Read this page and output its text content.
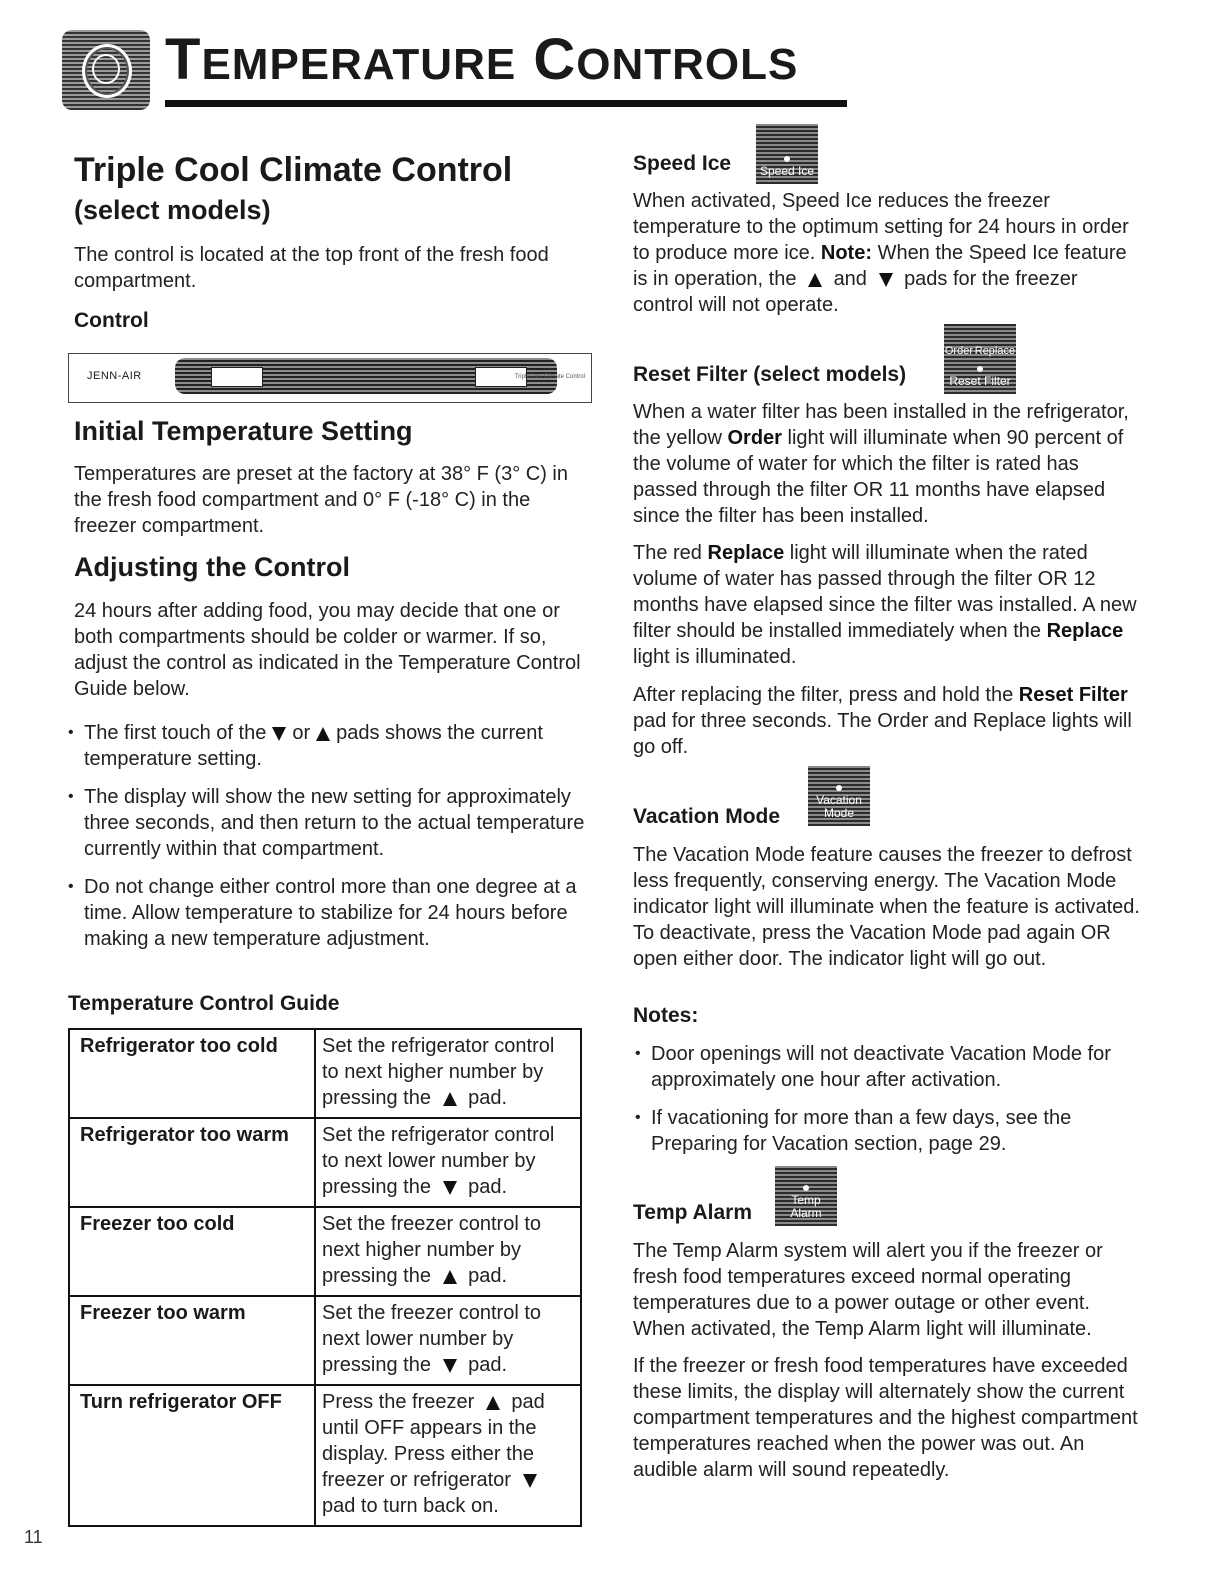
TEMPERATURE CONTROLS
Triple Cool Climate Control
(select models)
The control is located at the top front of the fresh food compartment.
Control
JENN-AIR	TripleCool Climate Control
Initial Temperature Setting
Temperatures are preset at the factory at 38° F (3° C) in the fresh food compartment and 0° F (-18° C) in the freezer compartment.
Adjusting the Control
24 hours after adding food, you may decide that one or both compartments should be colder or warmer. If so, adjust the control as indicated in the Temperature Control Guide below.
• The first touch of the or pads shows the current temperature setting.
• The display will show the new setting for approximately three seconds, and then return to the actual temperature currently within that compartment.
• Do not change either control more than one degree at a time. Allow temperature to stabilize for 24 hours before making a new temperature adjustment.
Temperature Control Guide
Refrigerator too cold	Set the refrigerator control to next higher number by pressing the pad.
Refrigerator too warm	Set the refrigerator control to next lower number by pressing the pad.
Freezer too cold	Set the freezer control to next higher number by pressing the pad.
Freezer too warm	Set the freezer control to next lower number by pressing the pad.
Turn refrigerator OFF	Press the freezer pad until OFF appears in the display. Press either the freezer or refrigerator  pad to turn back on.
11
Speed Ice Speed Ice
When activated, Speed Ice reduces the freezer temperature to the optimum setting for 24 hours in order to produce more ice. Note: When the Speed Ice feature is in operation, the and pads for the freezer control will not operate.
Reset Filter (select models)
Order Replace
Reset Filter
When a water filter has been installed in the refrigerator, the yellow Order light will illuminate when 90 percent of the volume of water for which the filter is rated has passed through the filter OR 11 months have elapsed since the filter has been installed.
The red Replace light will illuminate when the rated volume of water has passed through the filter OR 12 months have elapsed since the filter was installed. A new filter should be installed immediately when the Replace light is illuminated.
After replacing the filter, press and hold the Reset Filter pad for three seconds. The Order and Replace lights will go off.
Vacation Mode
Vacation Mode
The Vacation Mode feature causes the freezer to defrost less frequently, conserving energy. The Vacation Mode indicator light will illuminate when the feature is activated. To deactivate, press the Vacation Mode pad again OR open either door. The indicator light will go out.
Notes:
• Door openings will not deactivate Vacation Mode for approximately one hour after activation.
• If vacationing for more than a few days, see the Preparing for Vacation section, page 29.
Temp Alarm
Temp Alarm
The Temp Alarm system will alert you if the freezer or fresh food temperatures exceed normal operating temperatures due to a power outage or other event. When activated, the Temp Alarm light will illuminate.
If the freezer or fresh food temperatures have exceeded these limits, the display will alternately show the current compartment temperatures and the highest compartment temperatures reached when the power was out. An audible alarm will sound repeatedly.
